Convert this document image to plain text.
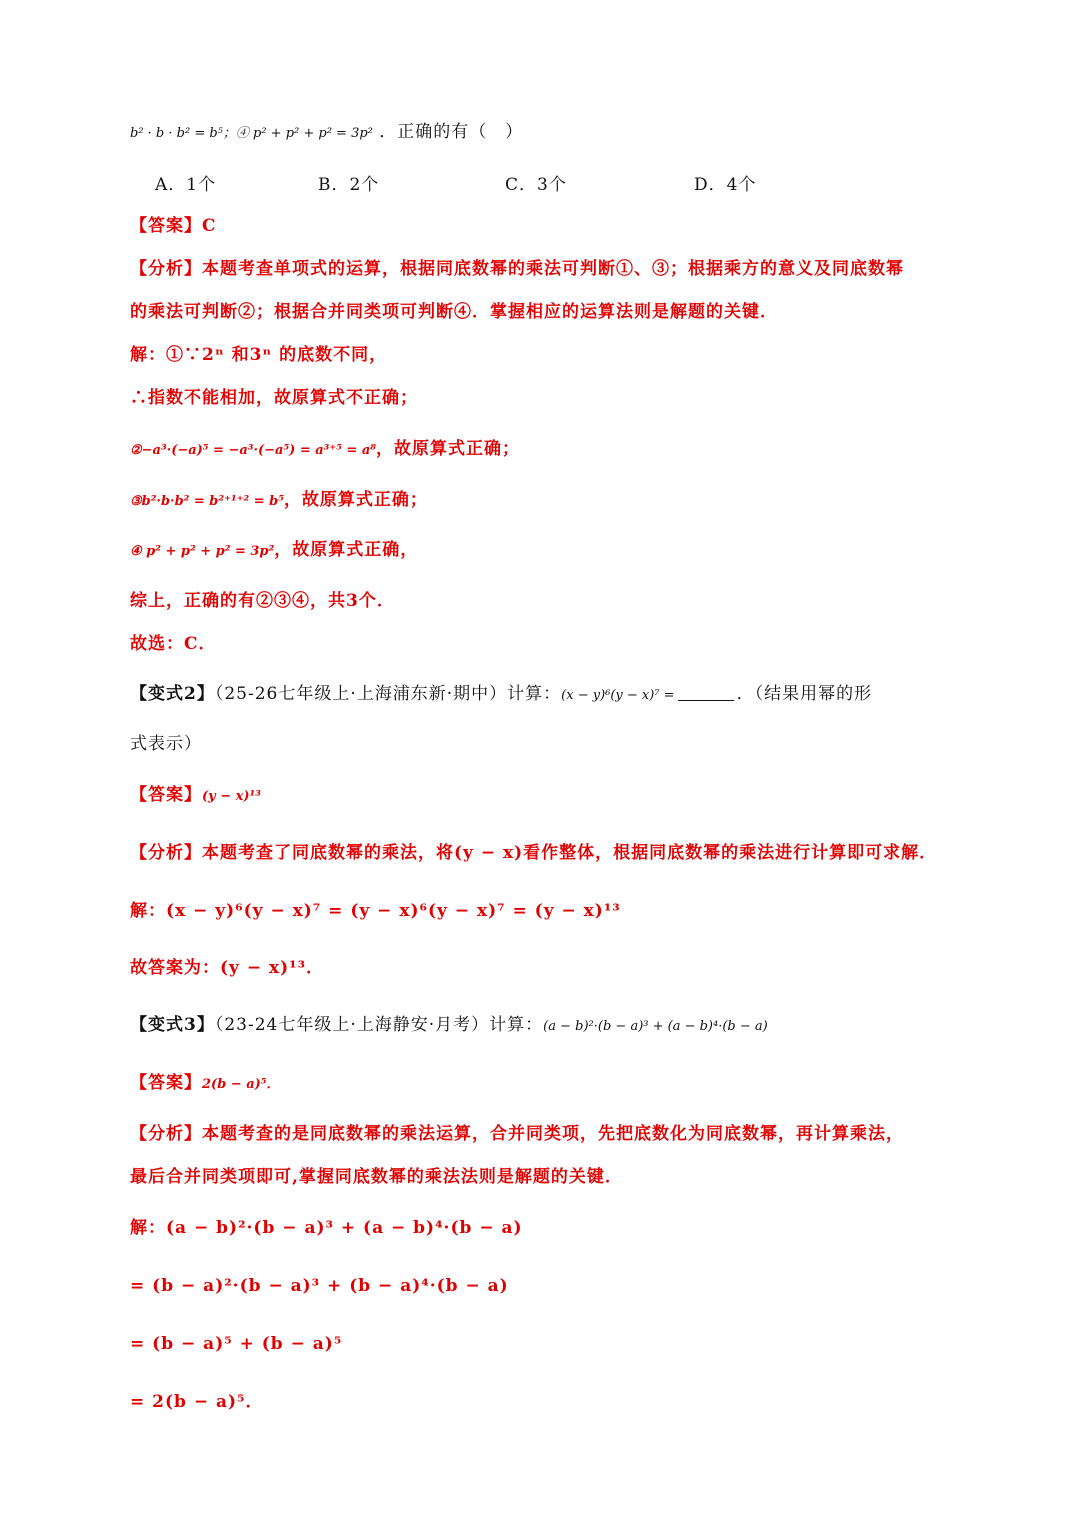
b² · b · b² = b⁵；④ p² + p² + p² = 3p² ．正确的有（　）
A．1个	B．2个	C．3个	D．4个
【答案】C
【分析】本题考查单项式的运算，根据同底数幂的乘法可判断①、③；根据乘方的意义及同底数幂
的乘法可判断②；根据合并同类项可判断④．掌握相应的运算法则是解题的关键．
解：①∵2ⁿ 和3ⁿ 的底数不同，
∴指数不能相加，故原算式不正确；
②−a³·(−a)⁵ = −a³·(−a⁵) = a³⁺⁵ = a⁸，故原算式正确；
③b²·b·b² = b²⁺¹⁺² = b⁵，故原算式正确；
④ p² + p² + p² = 3p²，故原算式正确，
综上，正确的有②③④，共3个．
故选：C．
【变式2】（25-26七年级上·上海浦东新·期中）计算：(x − y)⁶(y − x)⁷ =	．（结果用幂的形
式表示）
【答案】(y − x)¹³
【分析】本题考查了同底数幂的乘法，将(y − x)看作整体，根据同底数幂的乘法进行计算即可求解．
解：(x − y)⁶(y − x)⁷ = (y − x)⁶(y − x)⁷ = (y − x)¹³
故答案为：(y − x)¹³．
【变式3】（23-24七年级上·上海静安·月考）计算：(a − b)²·(b − a)³ + (a − b)⁴·(b − a)
【答案】2(b − a)⁵．
【分析】本题考查的是同底数幂的乘法运算，合并同类项，先把底数化为同底数幂，再计算乘法，
最后合并同类项即可,掌握同底数幂的乘法法则是解题的关键．
解：(a − b)²·(b − a)³ + (a − b)⁴·(b − a)
= (b − a)²·(b − a)³ + (b − a)⁴·(b − a)
= (b − a)⁵ + (b − a)⁵
= 2(b − a)⁵．
